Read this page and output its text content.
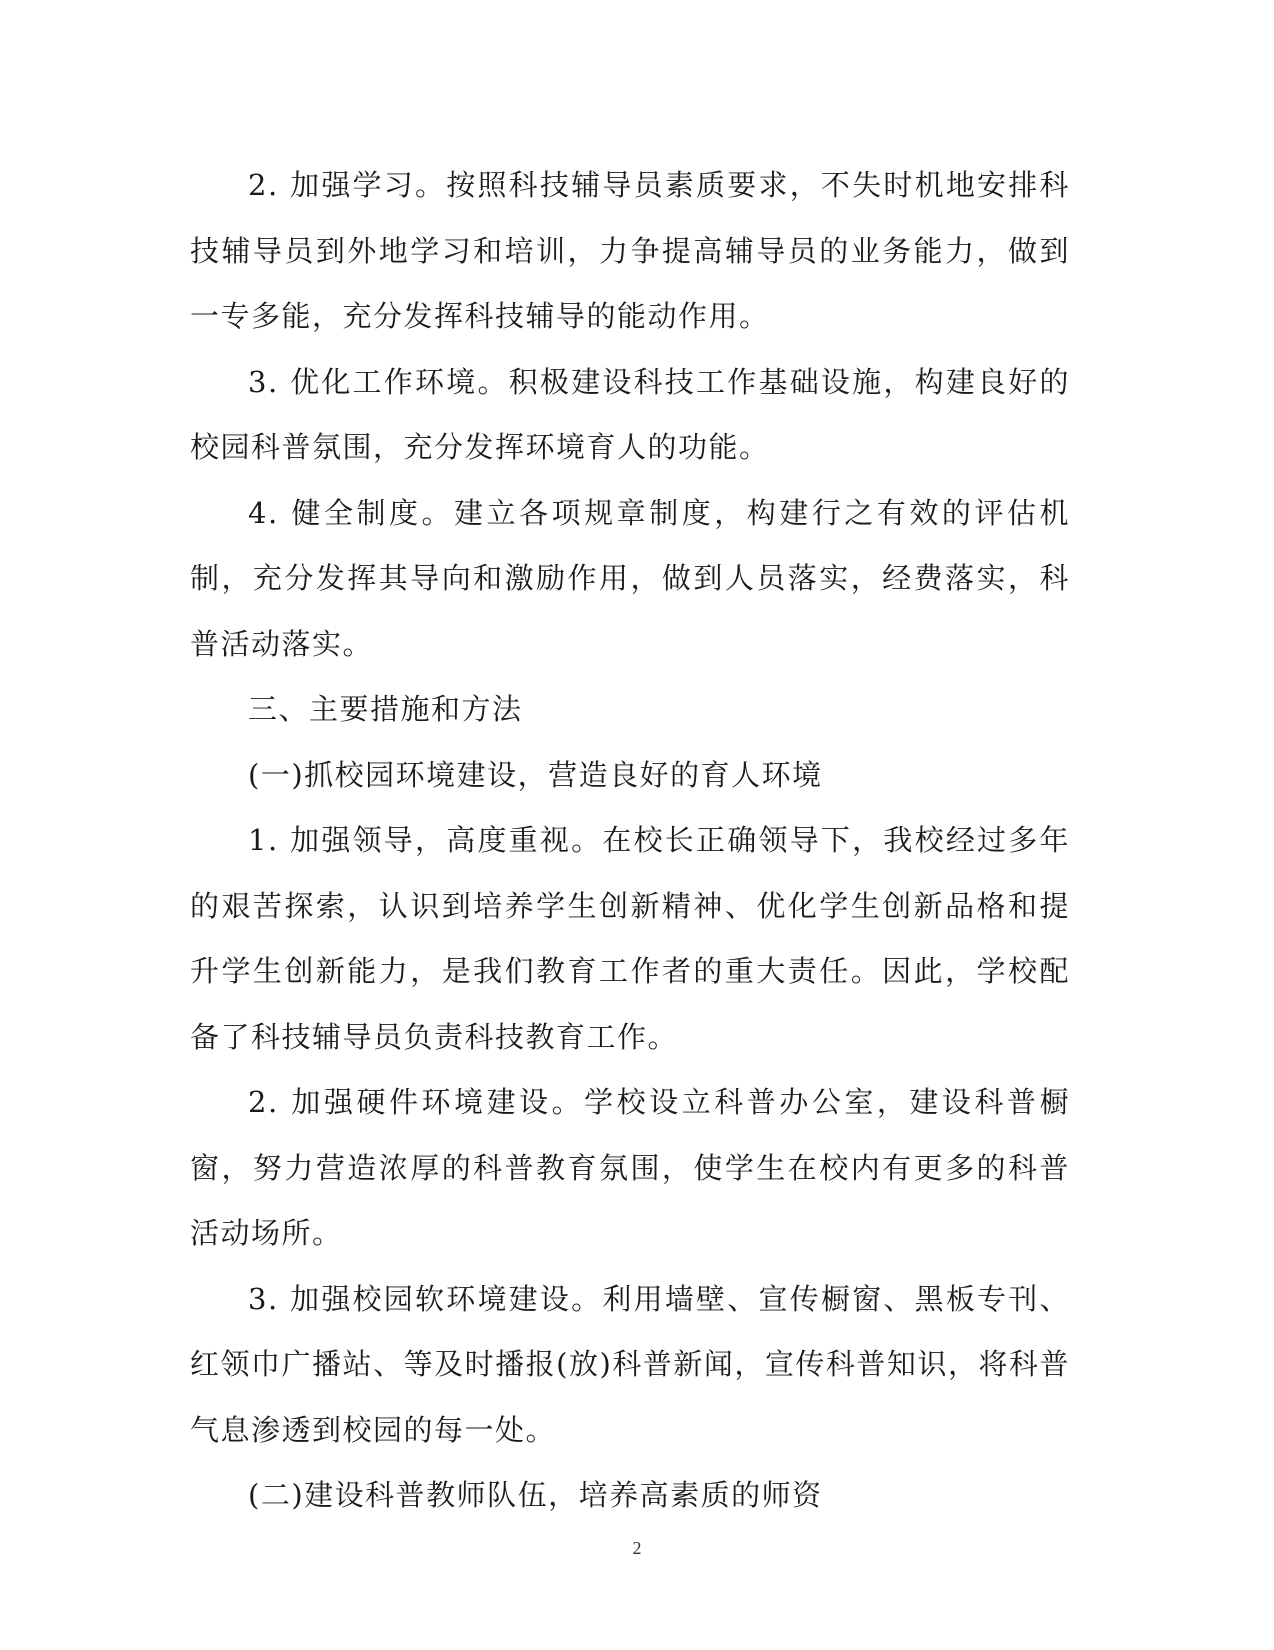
2. 加强学习。按照科技辅导员素质要求，不失时机地安排科技辅导员到外地学习和培训，力争提高辅导员的业务能力，做到一专多能，充分发挥科技辅导的能动作用。

3. 优化工作环境。积极建设科技工作基础设施，构建良好的校园科普氛围，充分发挥环境育人的功能。

4. 健全制度。建立各项规章制度，构建行之有效的评估机制，充分发挥其导向和激励作用，做到人员落实，经费落实，科普活动落实。

三、主要措施和方法

(一)抓校园环境建设，营造良好的育人环境

1. 加强领导，高度重视。在校长正确领导下，我校经过多年的艰苦探索，认识到培养学生创新精神、优化学生创新品格和提升学生创新能力，是我们教育工作者的重大责任。因此，学校配备了科技辅导员负责科技教育工作。

2. 加强硬件环境建设。学校设立科普办公室，建设科普橱窗，努力营造浓厚的科普教育氛围，使学生在校内有更多的科普活动场所。

3. 加强校园软环境建设。利用墙壁、宣传橱窗、黑板专刊、红领巾广播站、等及时播报(放)科普新闻，宣传科普知识，将科普气息渗透到校园的每一处。

(二)建设科普教师队伍，培养高素质的师资

2
